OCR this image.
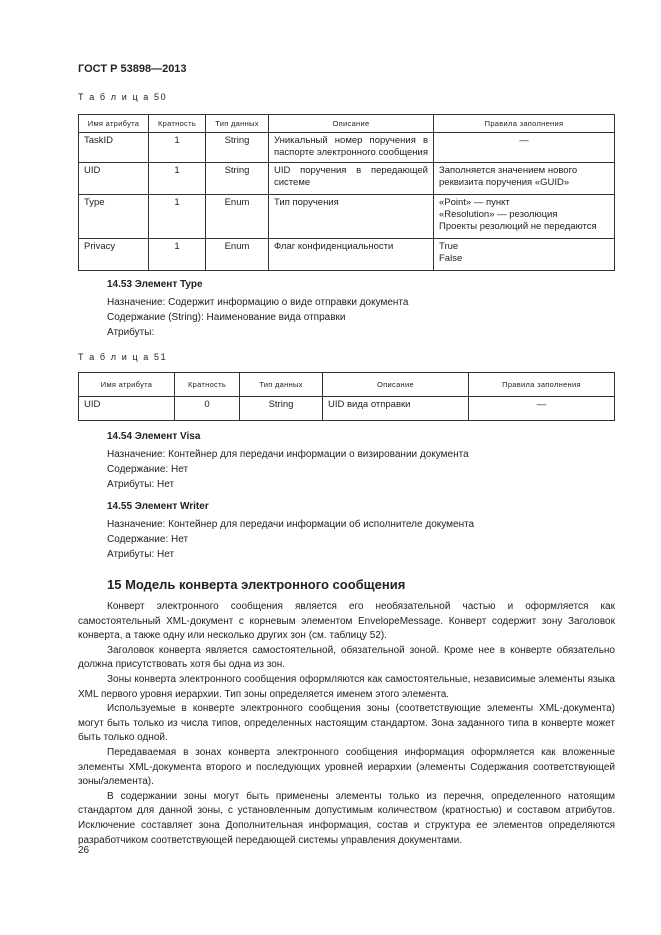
ГОСТ Р 53898—2013
Т а б л и ц а 50
Имя атрибута	Кратность	Тип данных	Описание	Правила заполнения
TaskID	1	String	Уникальный номер поручения в паспорте электронного сообщения	—
UID	1	String	UID поручения в передающей системе	Заполняется значением нового реквизита поручения «GUID»
Type	1	Enum	Тип поручения	«Point» — пункт
«Resolution» — резолюция
Проекты резолюций не передаются
Privacy	1	Enum	Флаг конфиденциальности	True
False
14.53 Элемент Type
Назначение: Содержит информацию о виде отправки документа
Содержание (String): Наименование вида отправки
Атрибуты:
Т а б л и ц а 51
Имя атрибута	Кратность	Тип данных	Описание	Правила заполнения
UID	0	String	UID вида отправки	—
14.54 Элемент Visa
Назначение: Контейнер для передачи информации о визировании документа
Содержание: Нет
Атрибуты: Нет
14.55 Элемент Writer
Назначение: Контейнер для передачи информации об исполнителе документа
Содержание: Нет
Атрибуты: Нет
15 Модель конверта электронного сообщения

Конверт электронного сообщения является его необязательной частью и оформляется как самостоятельный XML-документ с корневым элементом EnvelopeMessage. Конверт содержит зону Заголовок конверта, а также одну или несколько других зон (см. таблицу 52).

Заголовок конверта является самостоятельной, обязательной зоной. Кроме нее в конверте обязательно должна присутствовать хотя бы одна из зон.

Зоны конверта электронного сообщения оформляются как самостоятельные, независимые элементы языка XML первого уровня иерархии. Тип зоны определяется именем этого элемента.

Используемые в конверте электронного сообщения зоны (соответствующие элементы XML-документа) могут быть только из числа типов, определенных настоящим стандартом. Зона заданного типа в конверте может быть только одной.

Передаваемая в зонах конверта электронного сообщения информация оформляется как вложенные элементы XML-документа второго и последующих уровней иерархии (элементы Содержания соответствующей зоны/элемента).

В содержании зоны могут быть применены элементы только из перечня, определенного натоящим стандартом для данной зоны, с установленным допустимым количеством (кратностью) и составом атрибутов. Исключение составляет зона Дополнительная информация, состав и структура ее элементов определяются разработчиком соответствующей передающей системы управления документами.

26
